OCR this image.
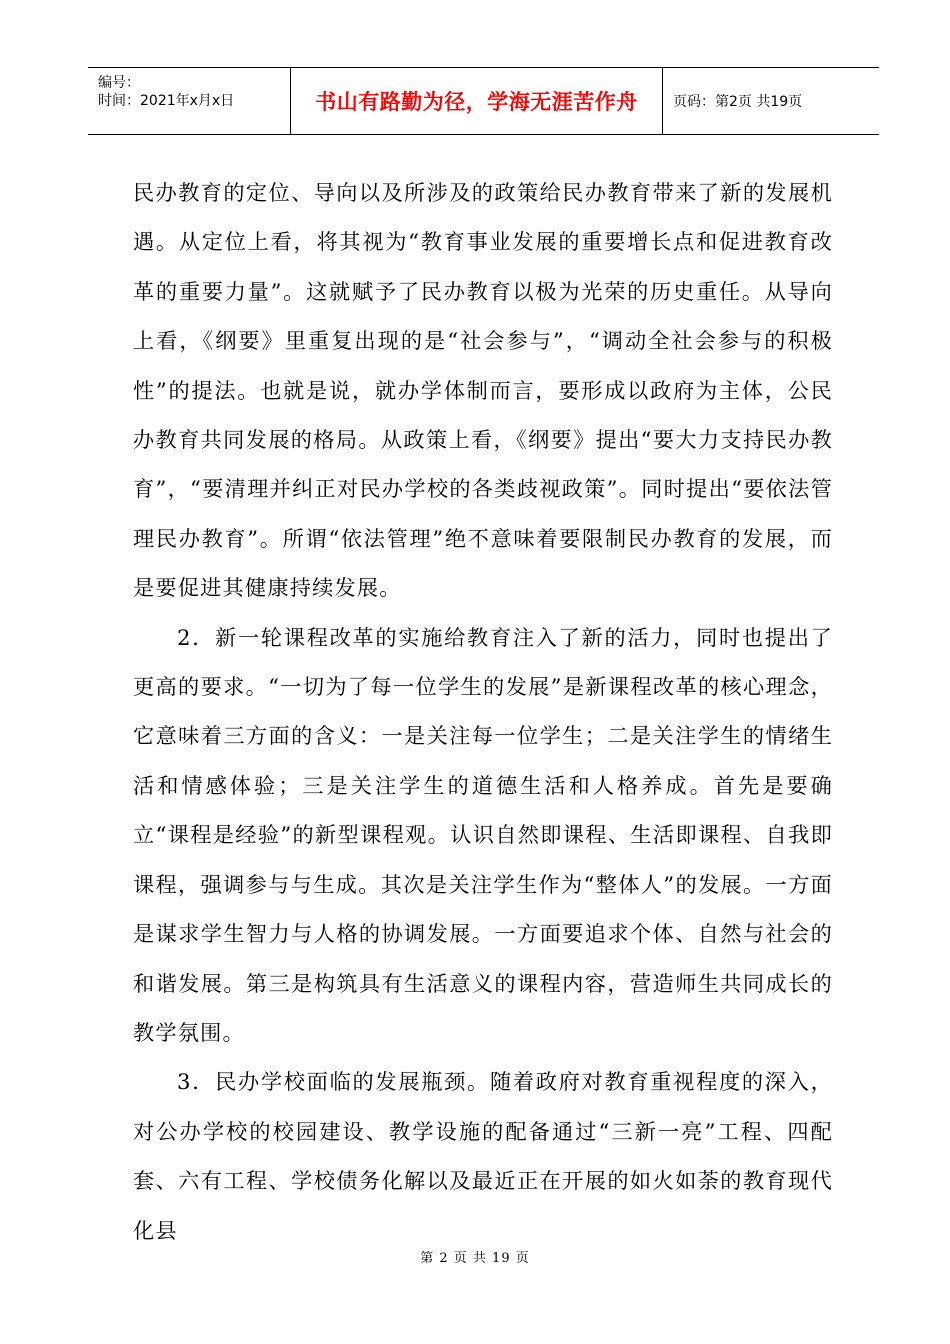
编号：
时间：2021年x月x日	书山有路勤为径，学海无涯苦作舟	页码：第2页 共19页

民办教育的定位、导向以及所涉及的政策给民办教育带来了新的发展机遇。从定位上看，将其视为“教育事业发展的重要增长点和促进教育改革的重要力量”。这就赋予了民办教育以极为光荣的历史重任。从导向上看，《纲要》里重复出现的是“社会参与”，“调动全社会参与的积极性”的提法。也就是说，就办学体制而言，要形成以政府为主体，公民办教育共同发展的格局。从政策上看，《纲要》提出“要大力支持民办教育”，“要清理并纠正对民办学校的各类歧视政策”。同时提出“要依法管理民办教育”。所谓“依法管理”绝不意味着要限制民办教育的发展，而是要促进其健康持续发展。

2．新一轮课程改革的实施给教育注入了新的活力，同时也提出了更高的要求。“一切为了每一位学生的发展”是新课程改革的核心理念，它意味着三方面的含义：一是关注每一位学生；二是关注学生的情绪生活和情感体验；三是关注学生的道德生活和人格养成。首先是要确立“课程是经验”的新型课程观。认识自然即课程、生活即课程、自我即课程，强调参与与生成。其次是关注学生作为“整体人”的发展。一方面是谋求学生智力与人格的协调发展。一方面要追求个体、自然与社会的和谐发展。第三是构筑具有生活意义的课程内容，营造师生共同成长的教学氛围。

3．民办学校面临的发展瓶颈。随着政府对教育重视程度的深入，对公办学校的校园建设、教学设施的配备通过“三新一亮”工程、四配套、六有工程、学校债务化解以及最近正在开展的如火如荼的教育现代化县

第 2 页 共 19 页
